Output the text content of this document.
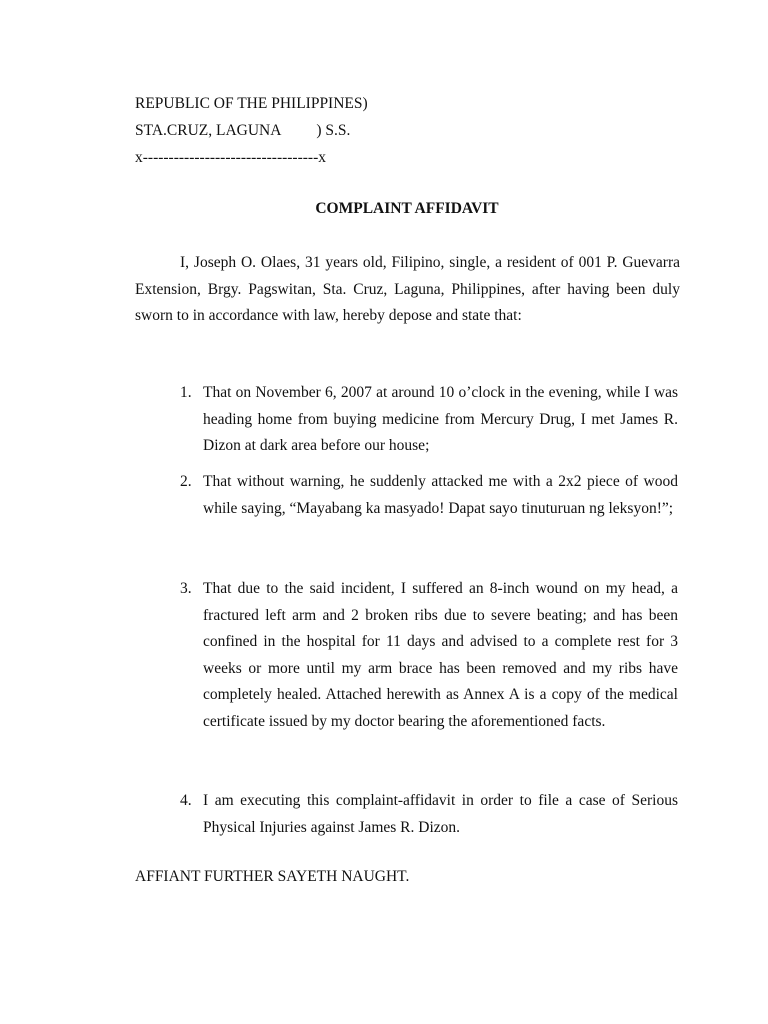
REPUBLIC OF THE PHILIPPINES)
STA.CRUZ, LAGUNA ) S.S.
x----------------------------------x
COMPLAINT AFFIDAVIT
I, Joseph O. Olaes, 31 years old, Filipino, single, a resident of 001 P. Guevarra Extension, Brgy. Pagswitan, Sta. Cruz, Laguna, Philippines, after having been duly sworn to in accordance with law, hereby depose and state that:
1. That on November 6, 2007 at around 10 o’clock in the evening, while I was heading home from buying medicine from Mercury Drug, I met James R. Dizon at dark area before our house;
2. That without warning, he suddenly attacked me with a 2x2 piece of wood while saying, “Mayabang ka masyado! Dapat sayo tinuturuan ng leksyon!”;
3. That due to the said incident, I suffered an 8-inch wound on my head, a fractured left arm and 2 broken ribs due to severe beating; and has been confined in the hospital for 11 days and advised to a complete rest for 3 weeks or more until my arm brace has been removed and my ribs have completely healed. Attached herewith as Annex A is a copy of the medical certificate issued by my doctor bearing the aforementioned facts.
4. I am executing this complaint-affidavit in order to file a case of Serious Physical Injuries against James R. Dizon.
AFFIANT FURTHER SAYETH NAUGHT.
